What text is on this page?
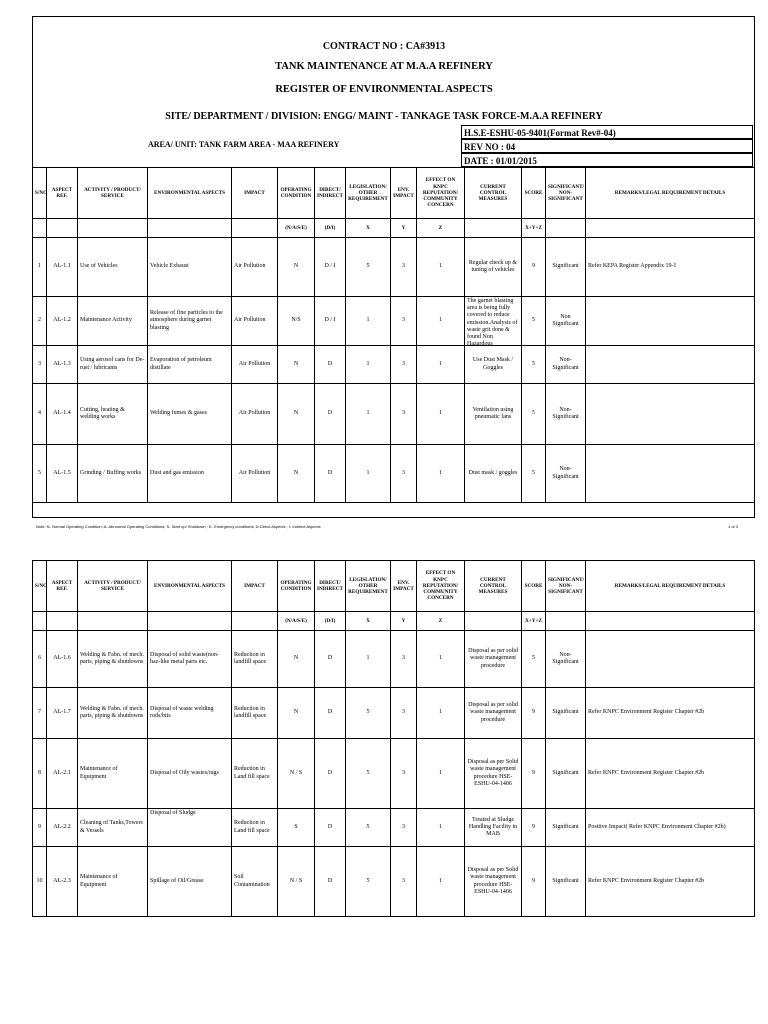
CONTRACT NO : CA#3913
TANK MAINTENANCE AT M.A.A REFINERY
REGISTER OF ENVIRONMENTAL ASPECTS
SITE/ DEPARTMENT / DIVISION: ENGG/ MAINT - TANKAGE TASK FORCE-M.A.A REFINERY
AREA/ UNIT: TANK FARM AREA - MAA REFINERY
H.S.E-ESHU-05-9401(Format Rev#-04)
REV NO : 04
DATE : 01/01/2015
S/NO	ASPECT REF.	ACTIVITY / PRODUCT/ SERVICE	ENVIRONMENTAL ASPECTS	IMPACT	OPERATING CONDITION	DIRECT/ INDIRECT	LEGISLATION/ OTHER REQUIREMENT	ENV. IMPACT	EFFECT ON KNPC REPUTATION/ COMMUNITY CONCERN	CURRENT CONTROL MEASURES	SCORE	SIGNIFICANT/ NON-SIGNIFICANT	REMARKS/LEGAL REQUIREMENT DETAILS
					(N/A/S/E)	(D/I)	X	Y	Z		X+Y+Z		
1	AL-1.1	Use of Vehicles	Vehicle Exhaust	Air Pollution	N	D / I	5	3	1	Regular check up & tuning of vehicles	9	Significant	Refer KEPA Register Appendix 19-1
2	AL-1.2	Maintenance Activity	Release of fine particles to the atmosphere during garnet blasting	Air Pollution	N/S	D / I	1	3	1	The garnet blasting area is being fully covered to reduce emission.Analysis of waste grit done & found Non Hazardous	5	Non Significant	
3	AL-1.3	Using aerosol cans for De-rust / lubricants	Evaporation of petroleum distillate	Air Pollution	N	D	1	3	1	Use Dust Mask / Goggles	5	Non-Significant	
4	AL-1.4	Cutting, heating & welding works	Welding fumes & gases	Air Pollution	N	D	1	3	1	Ventilation using pneumatic fans	5	Non-Significant	
5	AL-1.5	Grinding / Buffing works	Dust and gas emission	Air Pollution	N	D	1	3	1	Dust mask / goggles	5	Non-Significant	
Note: N- Normal Operating Condition; A- Abnormal Operating Conditions; S- Start up/ Shutdown ; E- Emergency conditions; D-Direct Aspects ; I- Indirect Aspects	1 of 3
S/NO	ASPECT REF.	ACTIVITY / PRODUCT/ SERVICE	ENVIRONMENTAL ASPECTS	IMPACT	OPERATING CONDITION	DIRECT/ INDIRECT	LEGISLATION/ OTHER REQUIREMENT	ENV. IMPACT	EFFECT ON KNPC REPUTATION/ COMMUNITY CONCERN	CURRENT CONTROL MEASURES	SCORE	SIGNIFICANT/ NON-SIGNIFICANT	REMARKS/LEGAL REQUIREMENT DETAILS
					(N/A/S/E)	(D/I)	X	Y	Z		X+Y+Z		
6	AL-1.6	Welding & Fabn. of mech. parts, piping & shutdowns	Disposal of solid waste(non-haz-like metal parts etc.	Reduction in landfill space	N	D	1	3	1	Disposal as per solid waste management procedure	5	Non-Significant	
7	AL-1.7	Welding & Fabn. of mech. parts, piping & shutdowns	Disposal of waste welding rods/bits	Reduction in landfill space	N	D	5	3	1	Disposal as per solid waste management procedure	9	Significant	Refer KNPC Environment Register Chapter #2b
8	AL-2.1	Maintenance of Equipment	Disposal of Oily wastes/rags	Reduction in Land fill space	N / S	D	5	3	1	Disposal as per Solid waste management procedure HSE-ESHU-04-1406	9	Significant	Refer KNPC Environment Register Chapter #2b
9	AL-2.2	Cleaning of Tanks,Towers & Vessels	Disposal of Sludge	Reduction in Land fill space	S	D	5	3	1	Treated at Sludge Handling Facility in MAB	9	Significant	Positive Impact( Refer KNPC Environment Chapter #2b)
10	AL-2.3	Maintenance of Equipment	Spillage of Oil/Grease	Soil Contamination	N / S	D	5	3	1	Disposal as per Solid waste management procedure HSE-ESHU-04-1406	9	Significant	Refer KNPC Environment Register Chapter #2b
